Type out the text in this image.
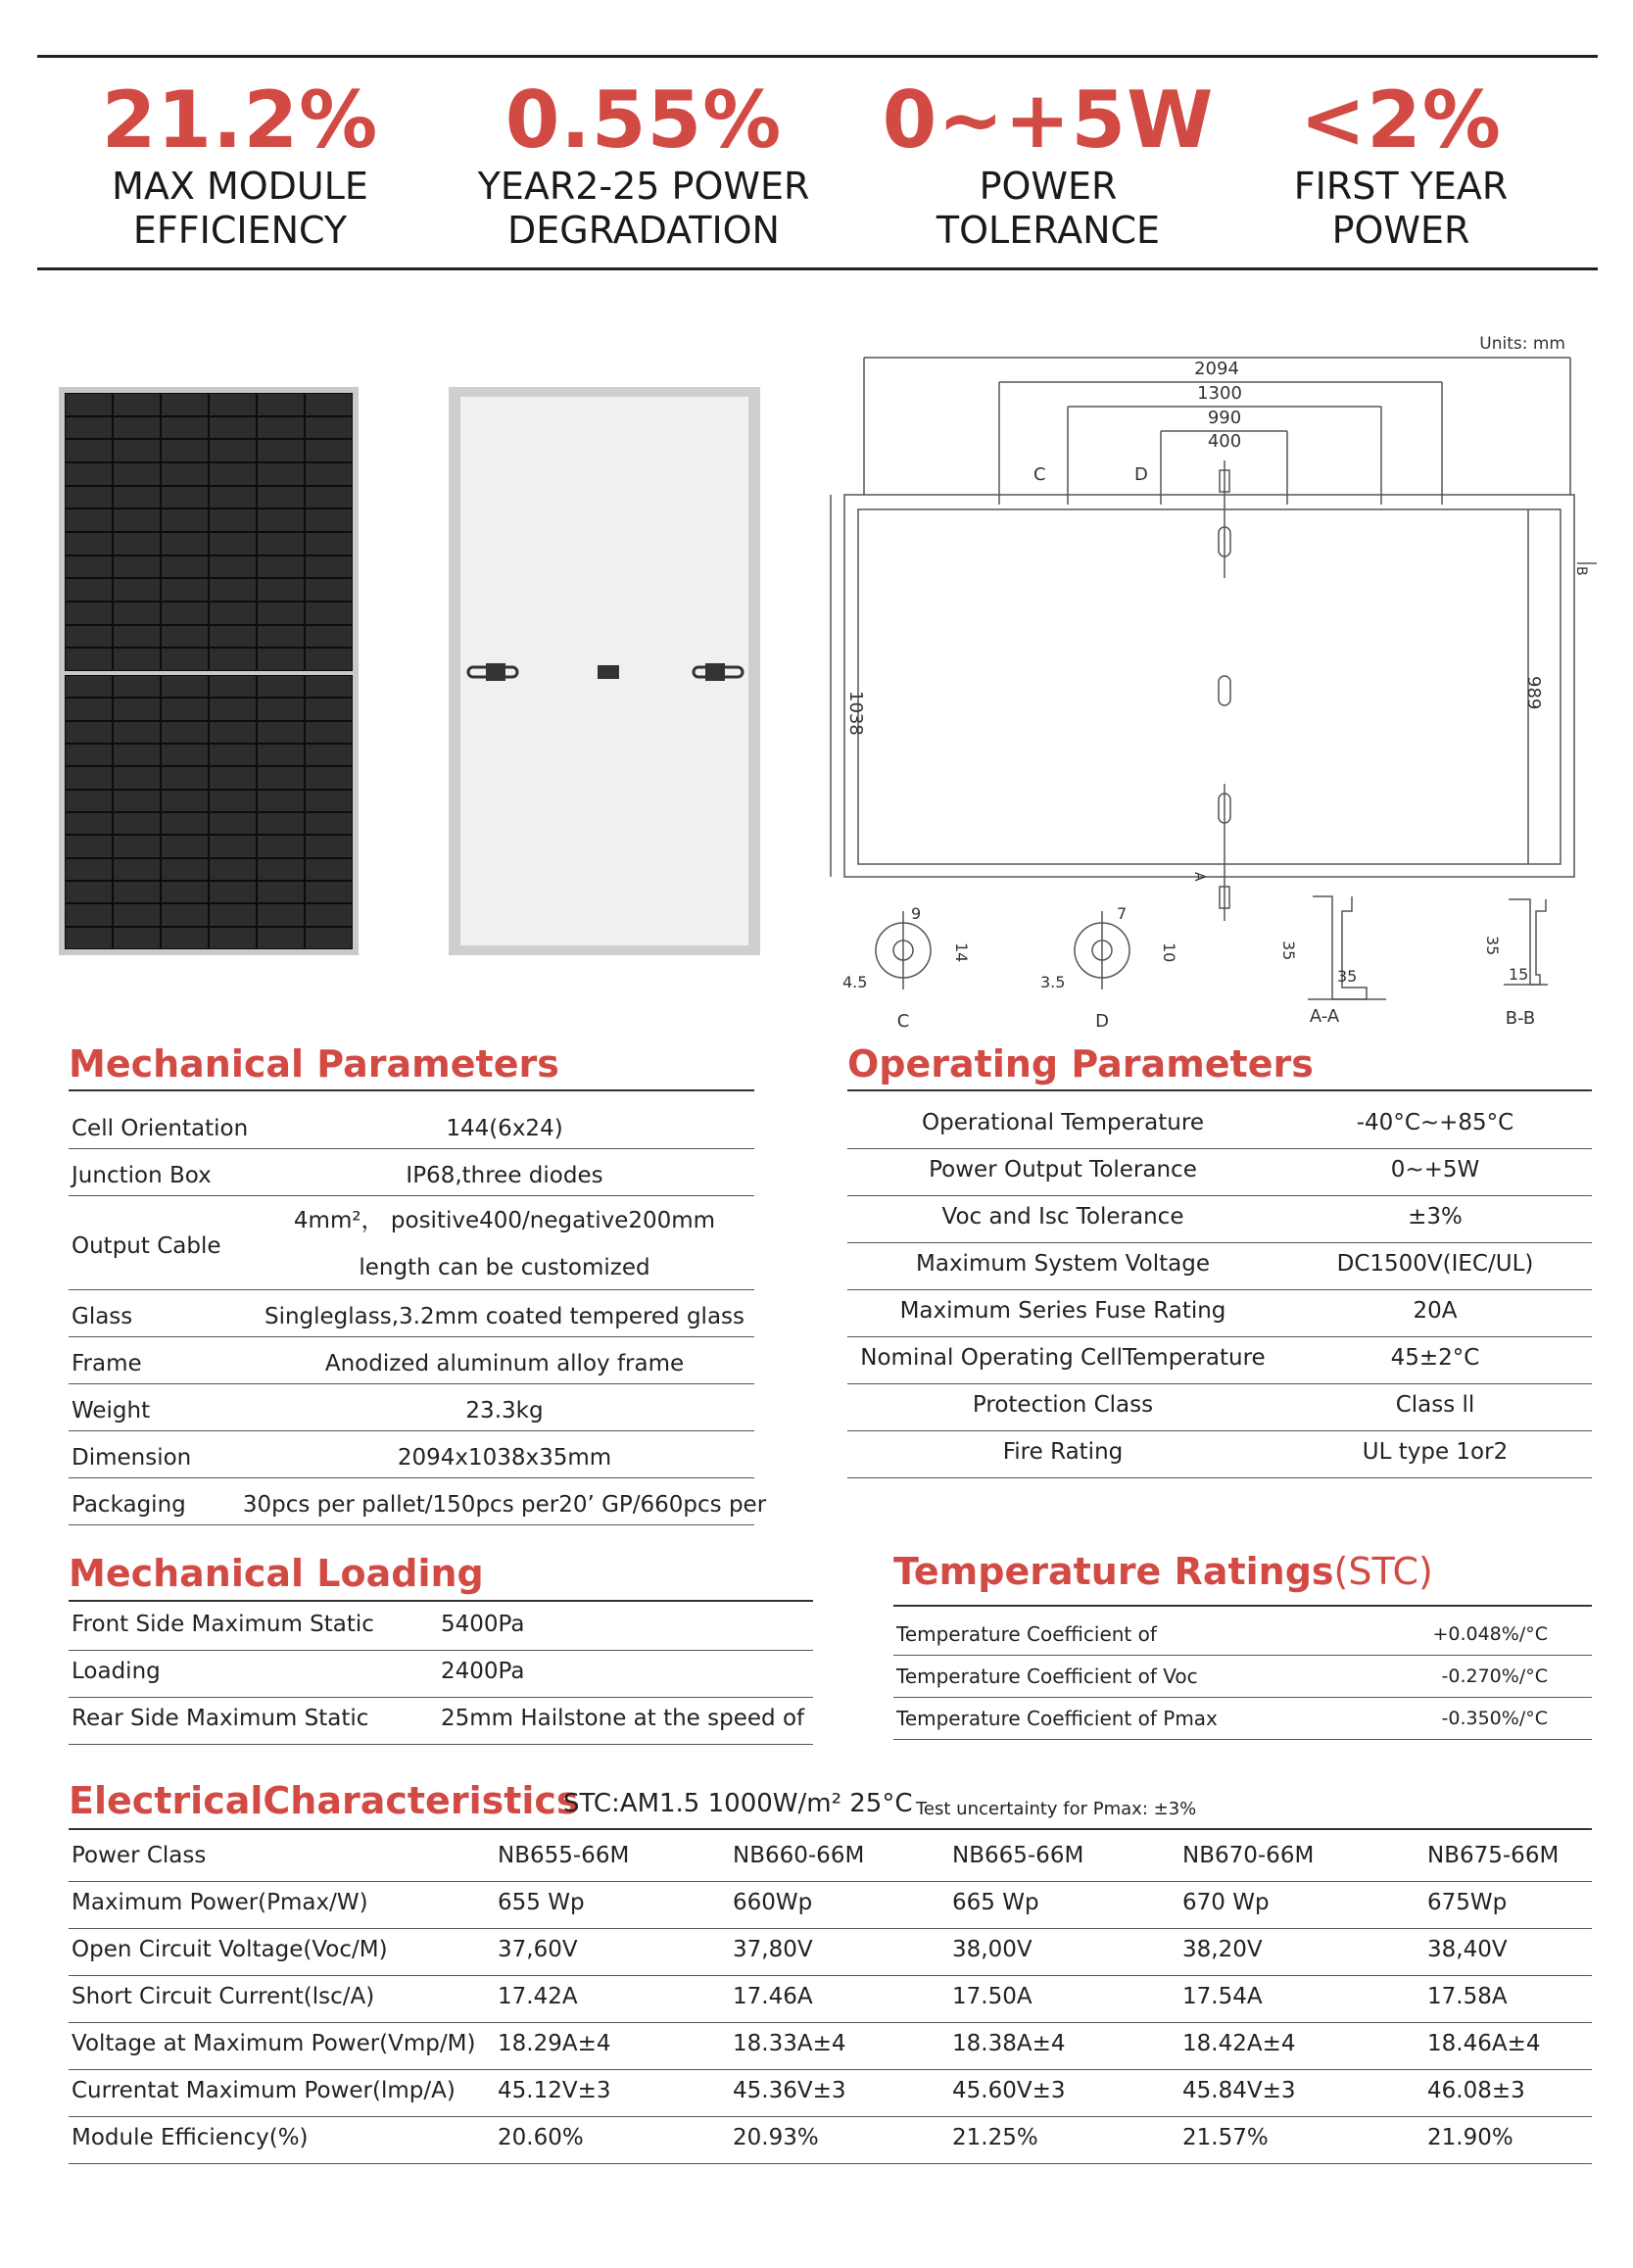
21.2%
MAX MODULE
EFFICIENCY
0.55%
YEAR2-25 POWER
DEGRADATION
0~+5W
POWER
TOLERANCE
<2%
FIRST YEAR
POWER
Units: mm
2094
1300
990
400
C	D
1038	989
B
A
9
14
4.5
C
7
10
3.5
D
35
35
A-A
35
15
B-B
Mechanical Parameters
Cell Orientation	144(6x24)
Junction Box	IP68,three diodes
Output Cable
4mm²， positive400/negative200mm
length can be customized
Glass	Singleglass,3.2mm coated tempered glass
Frame	Anodized aluminum alloy frame
Weight	23.3kg
Dimension	2094x1038x35mm
Packaging	30pcs per pallet/150pcs per20’ GP/660pcs per
Operating Parameters
Operational Temperature	-40°C~+85°C
Power Output Tolerance	0~+5W
Voc and Isc Tolerance	±3%
Maximum System Voltage	DC1500V(IEC/UL)
Maximum Series Fuse Rating	20A
Nominal Operating CellTemperature	45±2°C
Protection Class	Class ll
Fire Rating	UL type 1or2
Mechanical Loading
Front Side Maximum Static	5400Pa
Loading	2400Pa
Rear Side Maximum Static	25mm Hailstone at the speed of
Temperature Ratings(STC)
Temperature Coefficient of	+0.048%/°C
Temperature Coefficient of Voc	-0.270%/°C
Temperature Coefficient of Pmax	-0.350%/°C
ElectricalCharacteristics
STC:AM1.5 1000W/m² 25°C Test uncertainty for Pmax: ±3%
Power Class	NB655-66M	NB660-66M	NB665-66M	NB670-66M	NB675-66M
Maximum Power(Pmax/W)	655 Wp	660Wp	665 Wp	670 Wp	675Wp
Open Circuit Voltage(Voc/M)	37,60V	37,80V	38,00V	38,20V	38,40V
Short Circuit Current(lsc/A)	17.42A	17.46A	17.50A	17.54A	17.58A
Voltage at Maximum Power(Vmp/M) 18.29A±4	18.33A±4	18.38A±4	18.42A±4	18.46A±4
Currentat Maximum Power(lmp/A) 45.12V±3	45.36V±3	45.60V±3	45.84V±3	46.08±3
Module Efficiency(%)	20.60%	20.93%	21.25%	21.57%	21.90%
